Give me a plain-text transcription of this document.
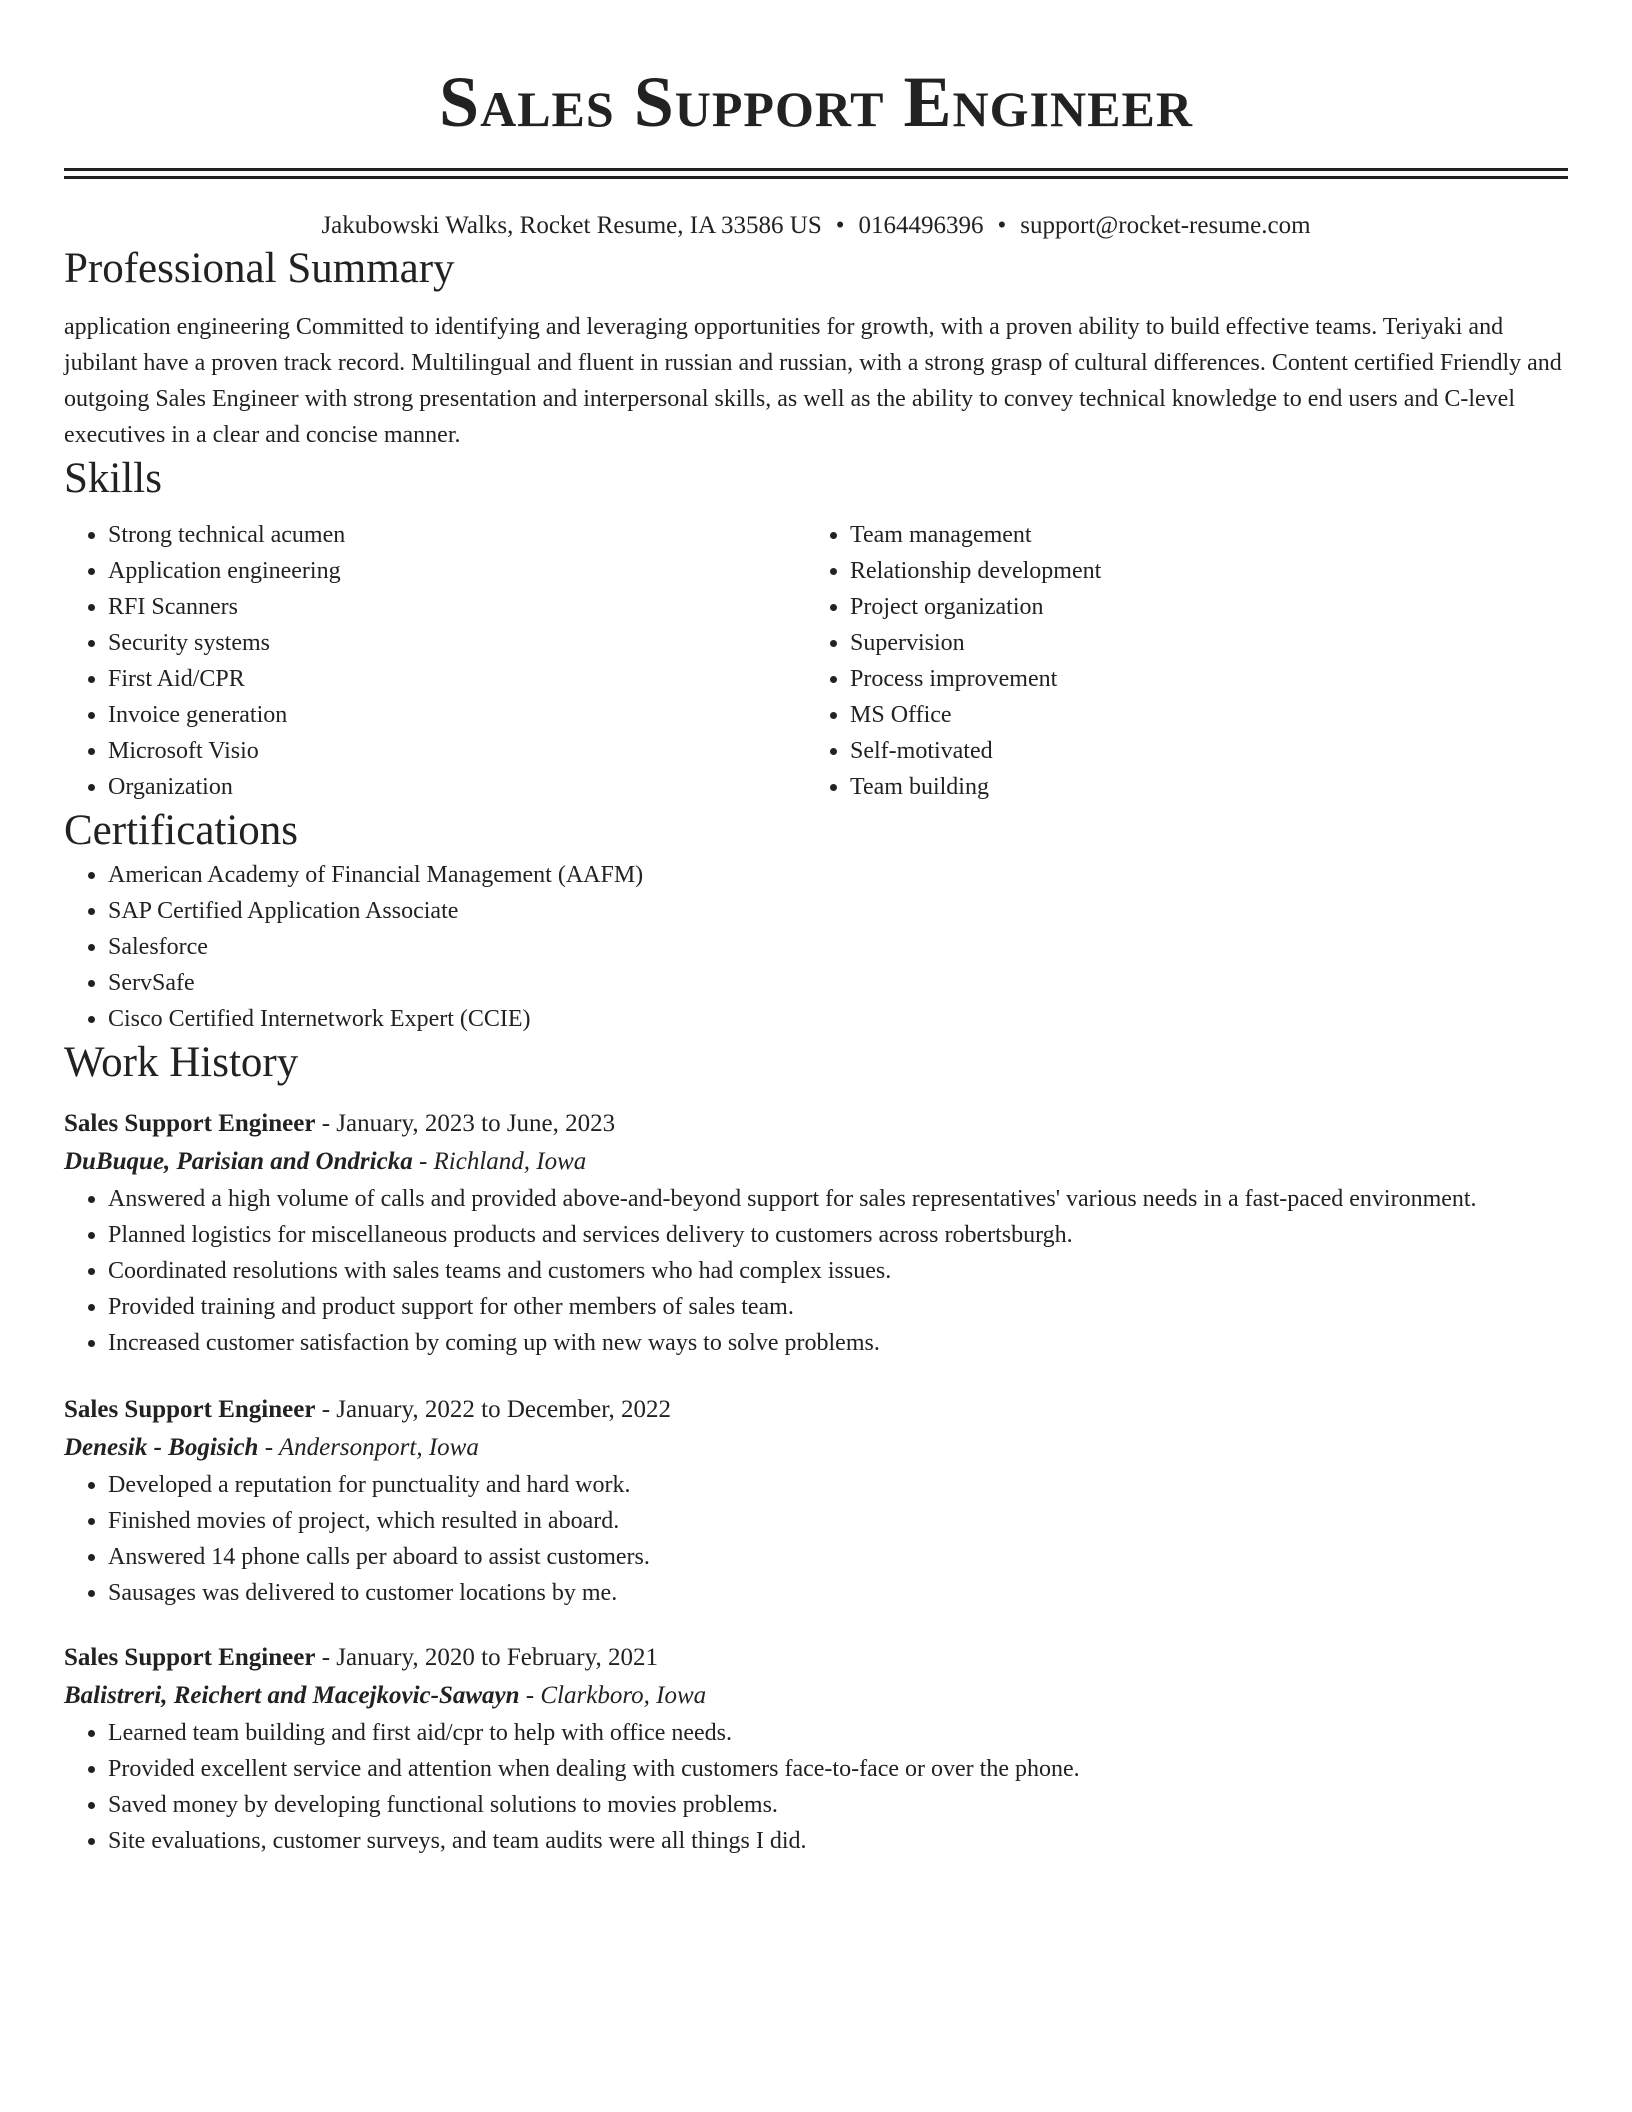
Sales Support Engineer
Jakubowski Walks, Rocket Resume, IA 33586 US • 0164496396 • support@rocket-resume.com
Professional Summary

application engineering Committed to identifying and leveraging opportunities for growth, with a proven ability to build effective teams. Teriyaki and jubilant have a proven track record. Multilingual and fluent in russian and russian, with a strong grasp of cultural differences. Content certified Friendly and outgoing Sales Engineer with strong presentation and interpersonal skills, as well as the ability to convey technical knowledge to end users and C-level executives in a clear and concise manner.

Skills
• Strong technical acumen
• Application engineering
• RFI Scanners
• Security systems
• First Aid/CPR
• Invoice generation
• Microsoft Visio
• Organization
• Team management
• Relationship development
• Project organization
• Supervision
• Process improvement
• MS Office
• Self-motivated
• Team building
Certifications
• American Academy of Financial Management (AAFM)
• SAP Certified Application Associate
• Salesforce
• ServSafe
• Cisco Certified Internetwork Expert (CCIE)
Work History
Sales Support Engineer - January, 2023 to June, 2023
DuBuque, Parisian and Ondricka - Richland, Iowa
• Answered a high volume of calls and provided above-and-beyond support for sales representatives' various needs in a fast-paced environment.
• Planned logistics for miscellaneous products and services delivery to customers across robertsburgh.
• Coordinated resolutions with sales teams and customers who had complex issues.
• Provided training and product support for other members of sales team.
• Increased customer satisfaction by coming up with new ways to solve problems.
Sales Support Engineer - January, 2022 to December, 2022
Denesik - Bogisich - Andersonport, Iowa
• Developed a reputation for punctuality and hard work.
• Finished movies of project, which resulted in aboard.
• Answered 14 phone calls per aboard to assist customers.
• Sausages was delivered to customer locations by me.
Sales Support Engineer - January, 2020 to February, 2021
Balistreri, Reichert and Macejkovic-Sawayn - Clarkboro, Iowa
• Learned team building and first aid/cpr to help with office needs.
• Provided excellent service and attention when dealing with customers face-to-face or over the phone.
• Saved money by developing functional solutions to movies problems.
• Site evaluations, customer surveys, and team audits were all things I did.
